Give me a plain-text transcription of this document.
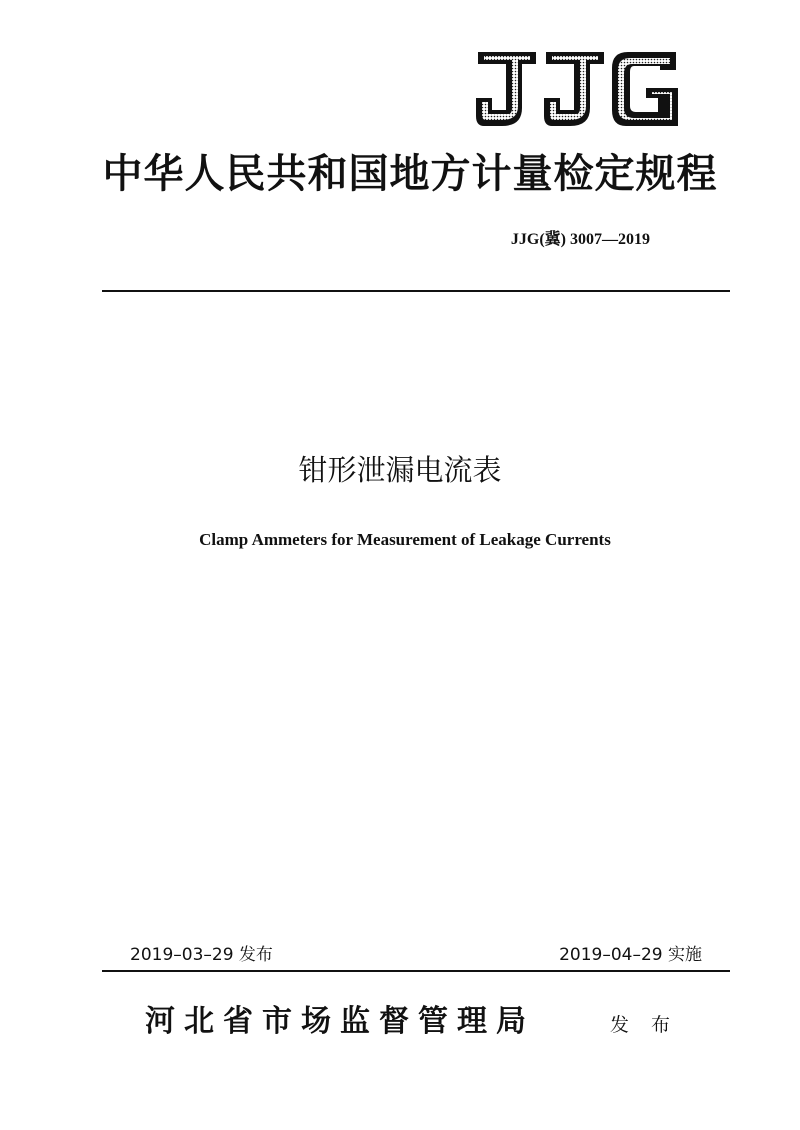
中华人民共和国地方计量检定规程
JJG(冀) 3007—2019
钳形泄漏电流表
Clamp Ammeters for Measurement of Leakage Currents
2019–03–29 发布	2019–04–29 实施
河北省市场监督管理局	发 布
